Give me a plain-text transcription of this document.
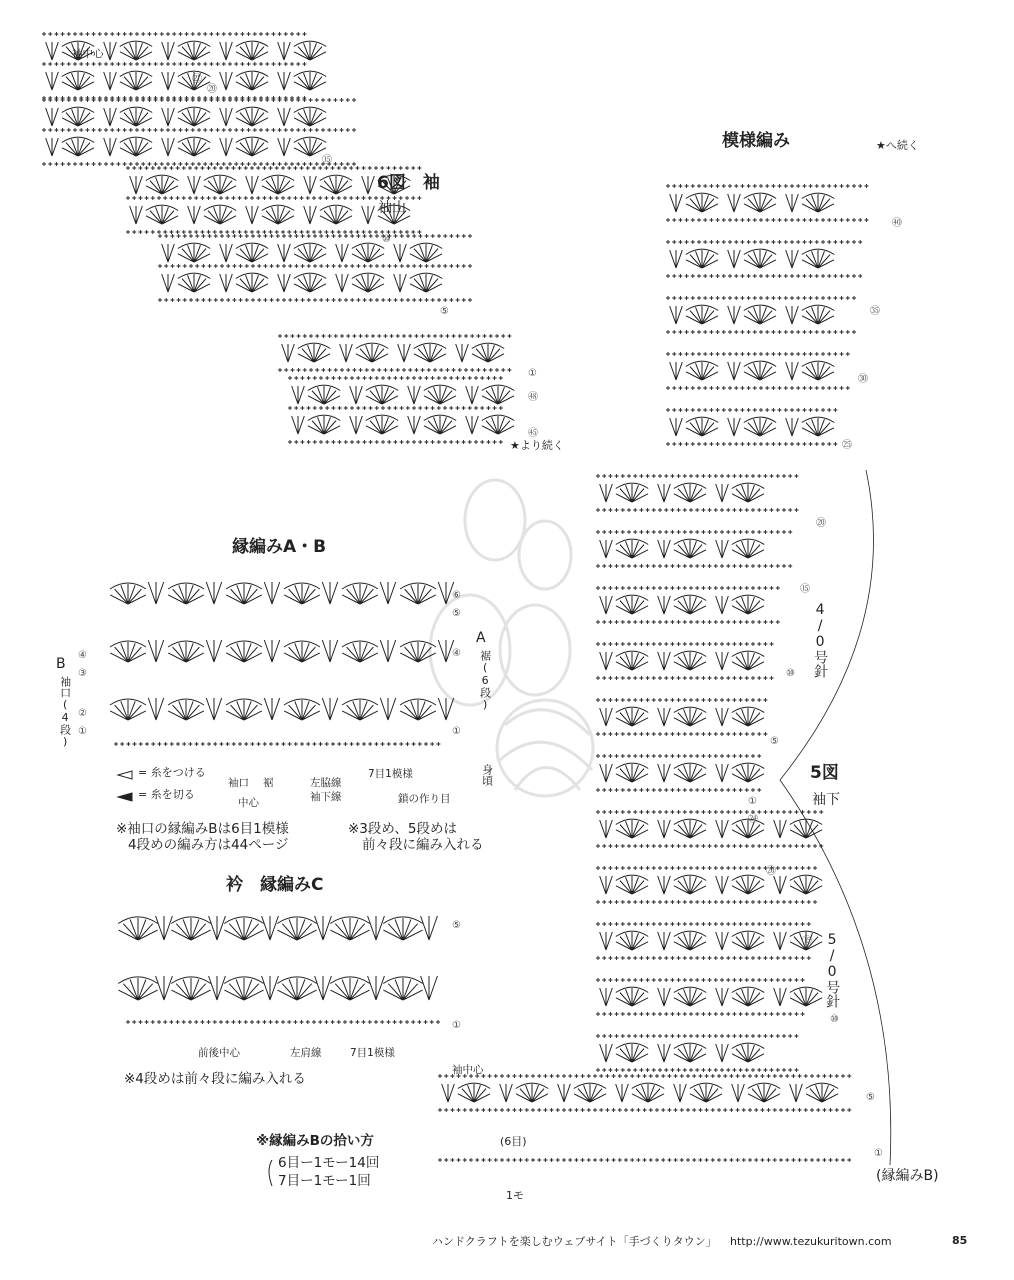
袖中心
㉑
⑳
⑮
⑩
⑤
①
㊽
㊺
★より続く
6図　袖
袖山
模様編み	★へ続く
㊵
㉟
㉚
㉕
⑳
⑮
⑩
⑤
①
㉔
⑳
⑮
⑩
⑤
①
5図
袖下
4/0号針
5/0号針
袖中心
(6目)
1モ
(縁編みB)
縁編みA・B
⑥
⑤
④
①
④
③
②
①
A
裾(6段)
B
袖口(4段)
= 糸をつける
= 糸を切る
袖口 裾
中心
左脇線
袖下線
7目1模様
鎖の作り目
身頃
※袖口の縁編みBは6目1模様
4段めの編み方は44ページ
※3段め、5段めは
前々段に編み入れる
衿　縁編みC
⑤
①
前後中心	左肩線	7目1模様
※4段めは前々段に編み入れる
※縁編みBの拾い方
6目ー1モー14回
7目ー1モー1回
ハンドクラフトを楽しむウェブサイト「手づくりタウン」 http://www.tezukuritown.com	85
